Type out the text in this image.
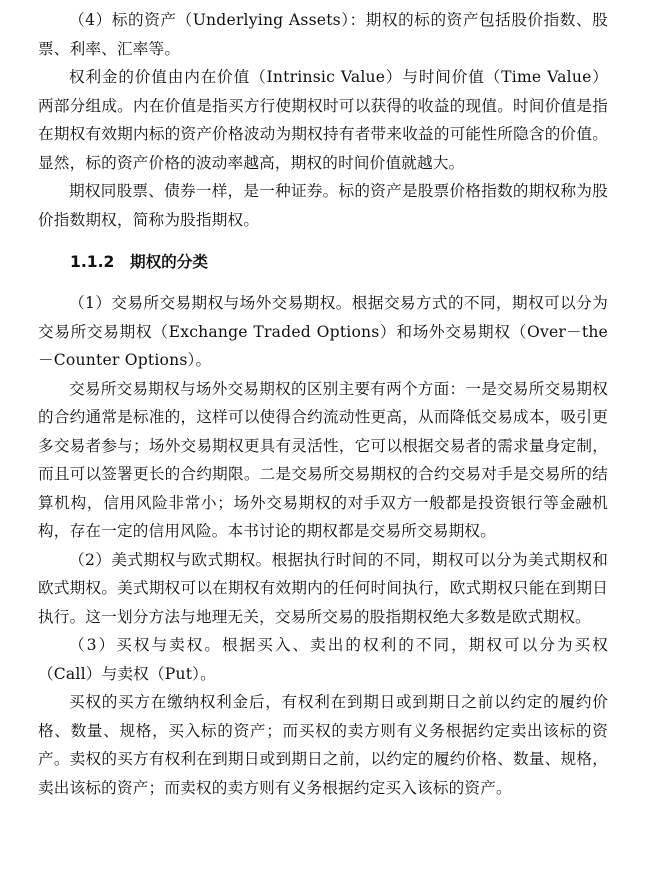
（4）标的资产（Underlying Assets）：期权的标的资产包括股价指数、股票、利率、汇率等。

权利金的价值由内在价值（Intrinsic Value）与时间价值（Time Value）两部分组成。内在价值是指买方行使期权时可以获得的收益的现值。时间价值是指在期权有效期内标的资产价格波动为期权持有者带来收益的可能性所隐含的价值。显然，标的资产价格的波动率越高，期权的时间价值就越大。

期权同股票、债券一样，是一种证券。标的资产是股票价格指数的期权称为股价指数期权，简称为股指期权。

1.1.2　期权的分类

（1）交易所交易期权与场外交易期权。根据交易方式的不同，期权可以分为交易所交易期权（Exchange Traded Options）和场外交易期权（Over－the－Counter Options）。

交易所交易期权与场外交易期权的区别主要有两个方面：一是交易所交易期权的合约通常是标准的，这样可以使得合约流动性更高，从而降低交易成本，吸引更多交易者参与；场外交易期权更具有灵活性，它可以根据交易者的需求量身定制，而且可以签署更长的合约期限。二是交易所交易期权的合约交易对手是交易所的结算机构，信用风险非常小；场外交易期权的对手双方一般都是投资银行等金融机构，存在一定的信用风险。本书讨论的期权都是交易所交易期权。

（2）美式期权与欧式期权。根据执行时间的不同，期权可以分为美式期权和欧式期权。美式期权可以在期权有效期内的任何时间执行，欧式期权只能在到期日执行。这一划分方法与地理无关，交易所交易的股指期权绝大多数是欧式期权。

（3）买权与卖权。根据买入、卖出的权利的不同，期权可以分为买权（Call）与卖权（Put）。

买权的买方在缴纳权利金后，有权利在到期日或到期日之前以约定的履约价格、数量、规格，买入标的资产；而买权的卖方则有义务根据约定卖出该标的资产。卖权的买方有权利在到期日或到期日之前，以约定的履约价格、数量、规格，卖出该标的资产；而卖权的卖方则有义务根据约定买入该标的资产。
